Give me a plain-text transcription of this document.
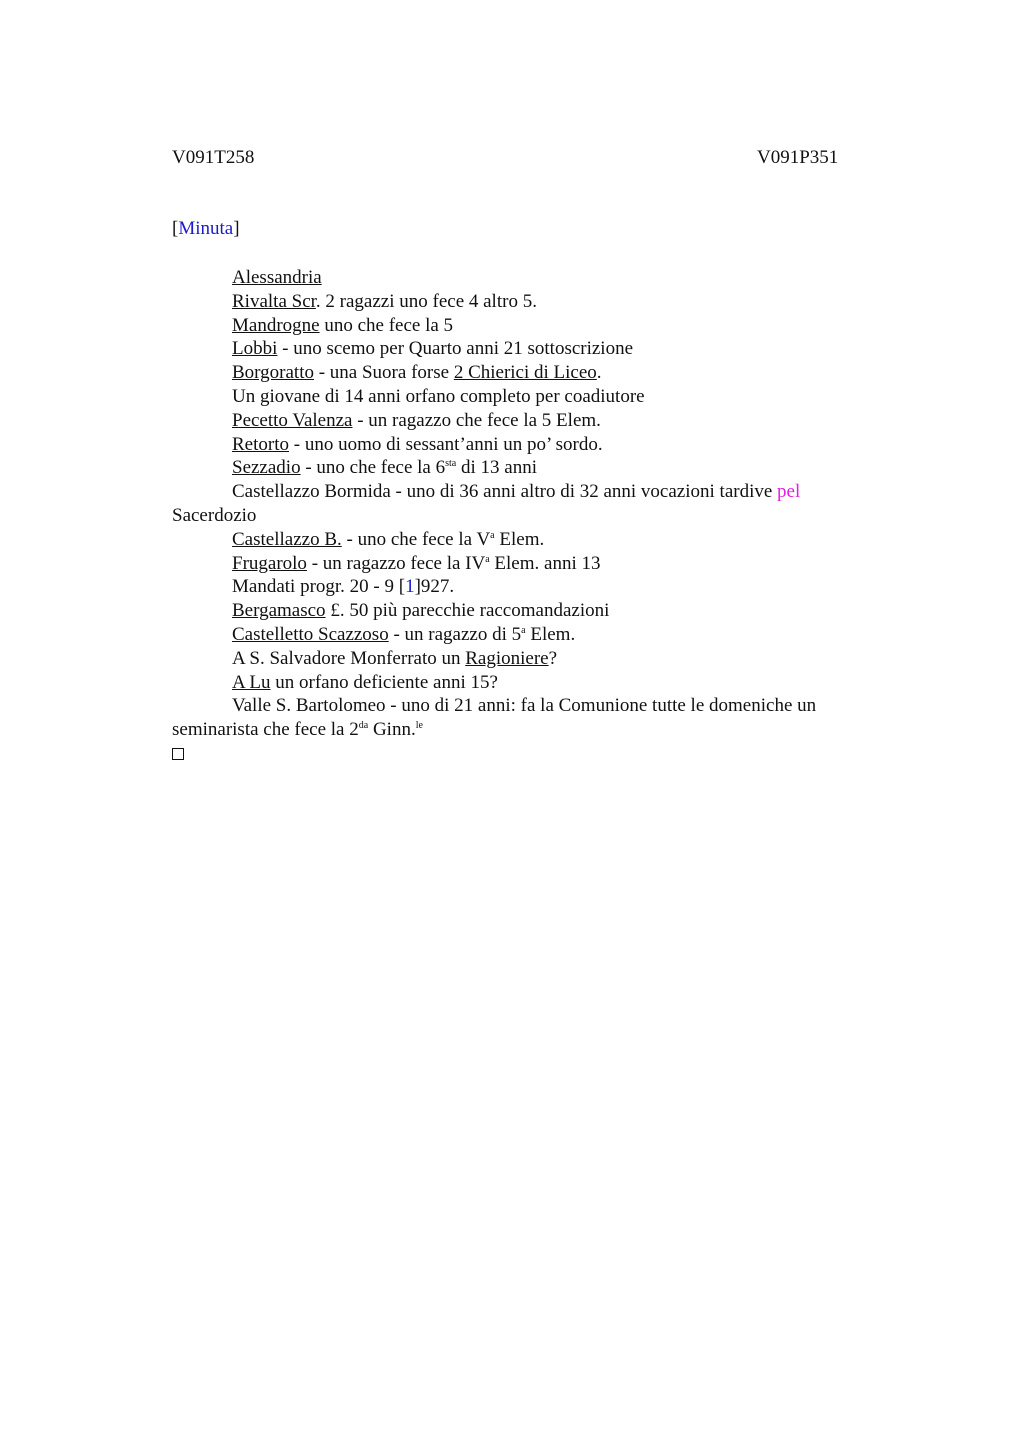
V091T258	V091P351
[Minuta]
Alessandria
Rivalta Scr. 2 ragazzi uno fece 4 altro 5.
Mandrogne uno che fece la 5
Lobbi - uno scemo per Quarto anni 21 sottoscrizione
Borgoratto - una Suora forse 2 Chierici di Liceo.
Un giovane di 14 anni orfano completo per coadiutore
Pecetto Valenza - un ragazzo che fece la 5 Elem.
Retorto - uno uomo di sessant’anni un po’ sordo.
Sezzadio - uno che fece la $6^{sta}$ di 13 anni
Castellazzo Bormida - uno di 36 anni altro di 32 anni vocazioni tardive pel Sacerdozio
Castellazzo B. - uno che fece la $V^a$ Elem.
Frugarolo - un ragazzo fece la $IV^a$ Elem. anni 13
Mandati progr. 20 - 9 [1]927.
Bergamasco £. 50 più parecchie raccomandazioni
Castelletto Scazzoso - un ragazzo di 5$^a$ Elem.
A S. Salvadore Monferrato un Ragioniere?
A Lu un orfano deficiente anni 15?
Valle S. Bartolomeo - uno di 21 anni: fa la Comunione tutte le domeniche un seminarista che fece la $2^{da}$ Ginn.$^{le}$
